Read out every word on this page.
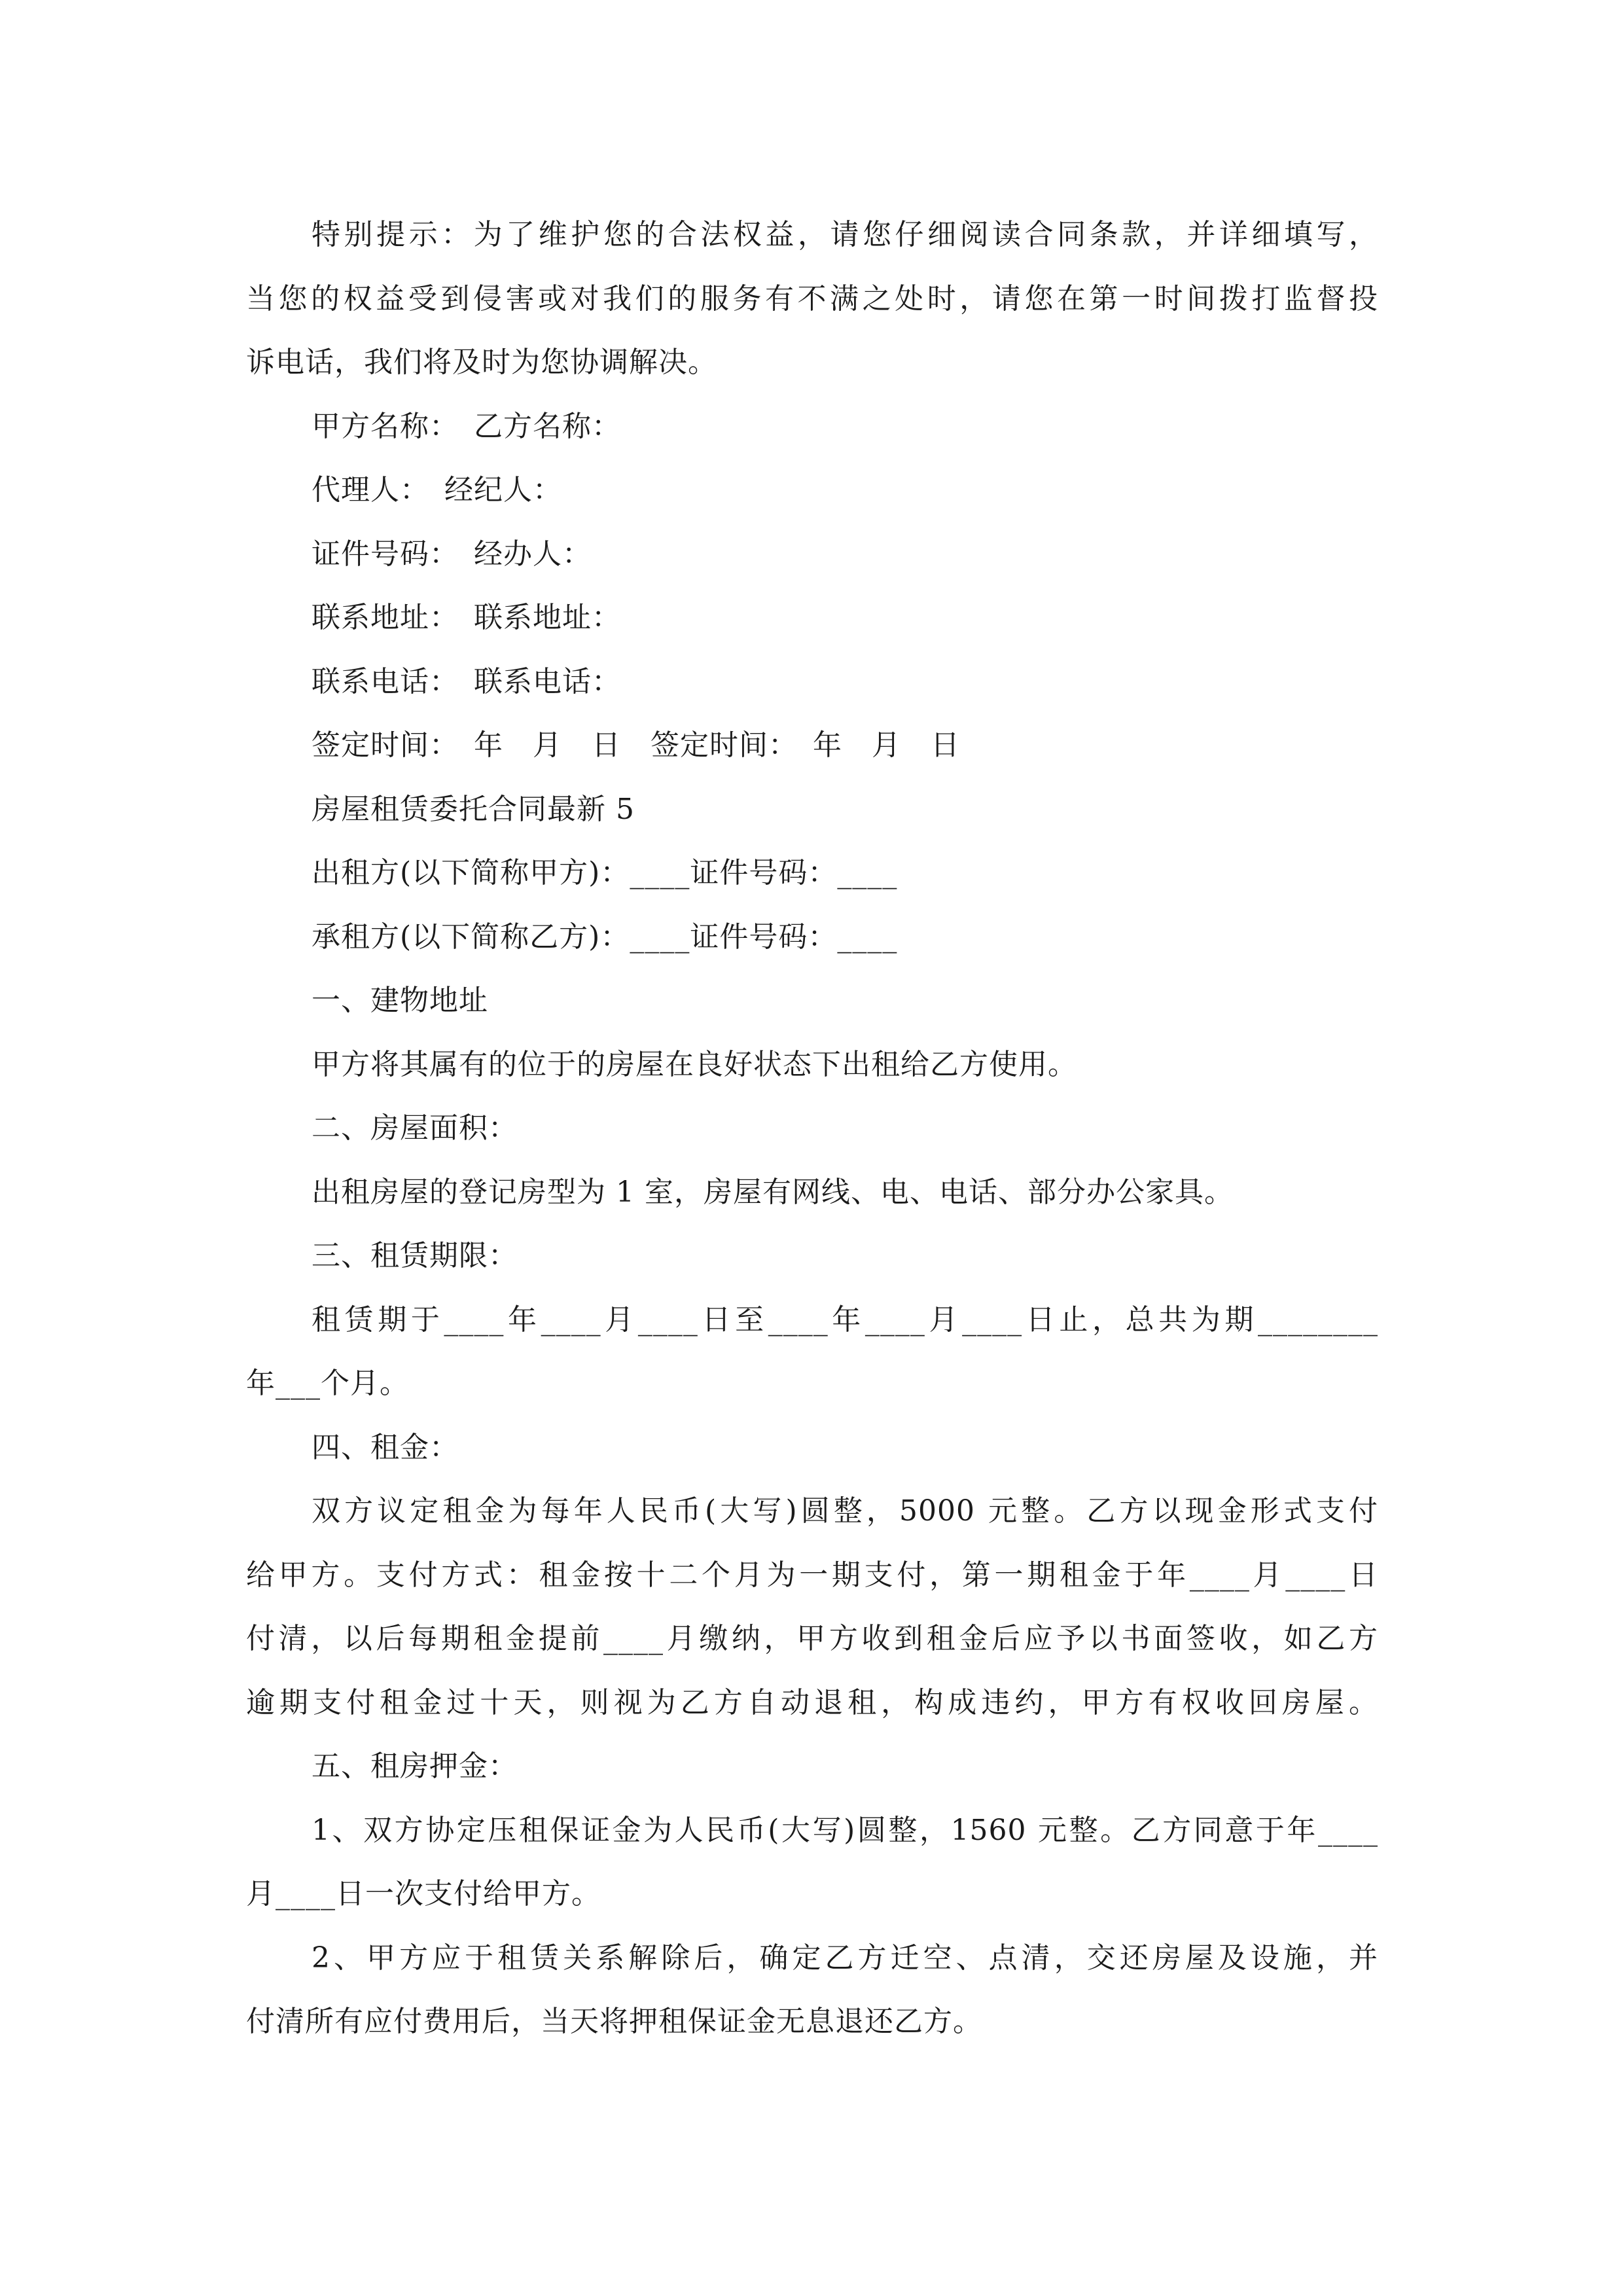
特别提示：为了维护您的合法权益，请您仔细阅读合同条款，并详细填写，
当您的权益受到侵害或对我们的服务有不满之处时，请您在第一时间拨打监督投
诉电话，我们将及时为您协调解决。
甲方名称：　乙方名称：
代理人：　经纪人：
证件号码：　经办人：
联系地址：　联系地址：
联系电话：　联系电话：
签定时间：　年　月　日　签定时间：　年　月　日
房屋租赁委托合同最新 5
出租方(以下简称甲方)：____证件号码：____
承租方(以下简称乙方)：____证件号码：____
一、建物地址
甲方将其属有的位于的房屋在良好状态下出租给乙方使用。
二、房屋面积：
出租房屋的登记房型为 1 室，房屋有网线、电、电话、部分办公家具。
三、租赁期限：
租赁期于____年____月____日至____年____月____日止，总共为期________
年___个月。
四、租金：
双方议定租金为每年人民币(大写)圆整，5000 元整。乙方以现金形式支付
给甲方。支付方式：租金按十二个月为一期支付，第一期租金于年____月____日
付清，以后每期租金提前____月缴纳，甲方收到租金后应予以书面签收，如乙方
逾期支付租金过十天，则视为乙方自动退租，构成违约，甲方有权收回房屋。
五、租房押金：
1、双方协定压租保证金为人民币(大写)圆整，1560 元整。乙方同意于年____
月____日一次支付给甲方。
2、甲方应于租赁关系解除后，确定乙方迁空、点清，交还房屋及设施，并
付清所有应付费用后，当天将押租保证金无息退还乙方。
